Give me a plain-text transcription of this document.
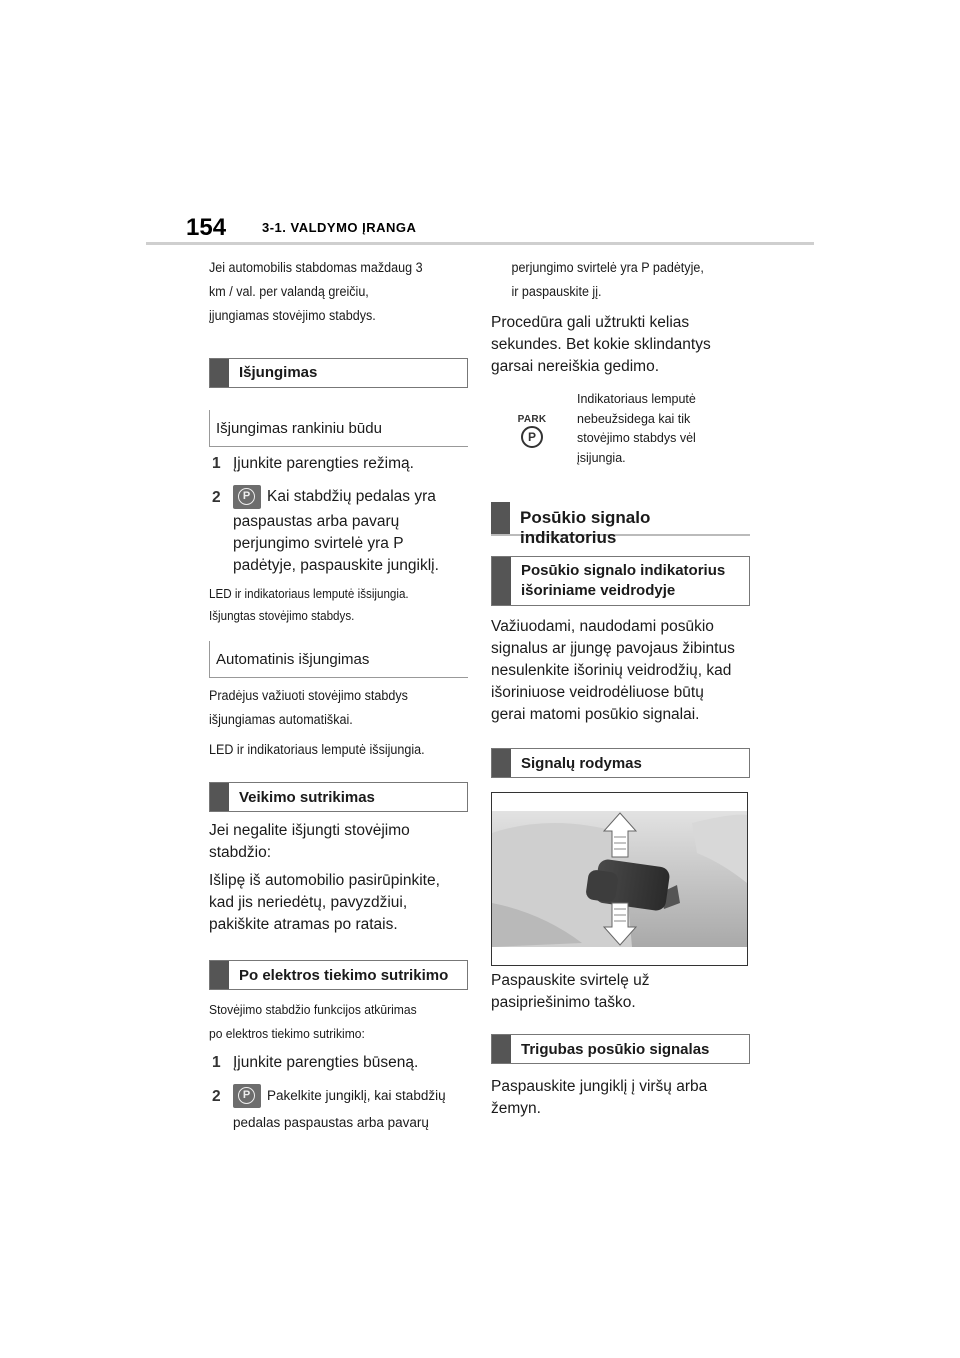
154	3-1. VALDYMO ĮRANGA
Jei automobilis stabdomas maždaug 3
km / val. per valandą greičiu,
įjungiamas stovėjimo stabdys.
Išjungimas
Išjungimas rankiniu būdu
1 Įjunkite parengties režimą.
2	P	Kai stabdžių pedalas yra
paspaustas arba pavarų
perjungimo svirtelė yra P
padėtyje, paspauskite jungiklį.
LED ir indikatoriaus lemputė išsijungia.
Išjungtas stovėjimo stabdys.
Automatinis išjungimas
Pradėjus važiuoti stovėjimo stabdys
išjungiamas automatiškai.
LED ir indikatoriaus lemputė išsijungia.
Veikimo sutrikimas
Jei negalite išjungti stovėjimo
stabdžio:
Išlipę iš automobilio pasirūpinkite,
kad jis neriedėtų, pavyzdžiui,
pakiškite atramas po ratais.
Po elektros tiekimo sutrikimo
Stovėjimo stabdžio funkcijos atkūrimas
po elektros tiekimo sutrikimo:
1 Įjunkite parengties būseną.
2	P	Pakelkite jungiklį, kai stabdžių
pedalas paspaustas arba pavarų
perjungimo svirtelė yra P padėtyje,
ir paspauskite jį.
Procedūra gali užtrukti kelias
sekundes. Bet kokie sklindantys
garsai nereiškia gedimo.
PARK
P
Indikatoriaus lemputė
nebeužsidega kai tik
stovėjimo stabdys vėl
įsijungia.
Posūkio signalo indikatorius
Posūkio signalo indikatorius
išoriniame veidrodyje
Važiuodami, naudodami posūkio
signalus ar įjungę pavojaus žibintus
nesulenkite išorinių veidrodžių, kad
išoriniuose veidrodėliuose būtų
gerai matomi posūkio signalai.
Signalų rodymas
Paspauskite svirtelę už
pasipriešinimo taško.
Trigubas posūkio signalas
Paspauskite jungiklį į viršų arba
žemyn.
